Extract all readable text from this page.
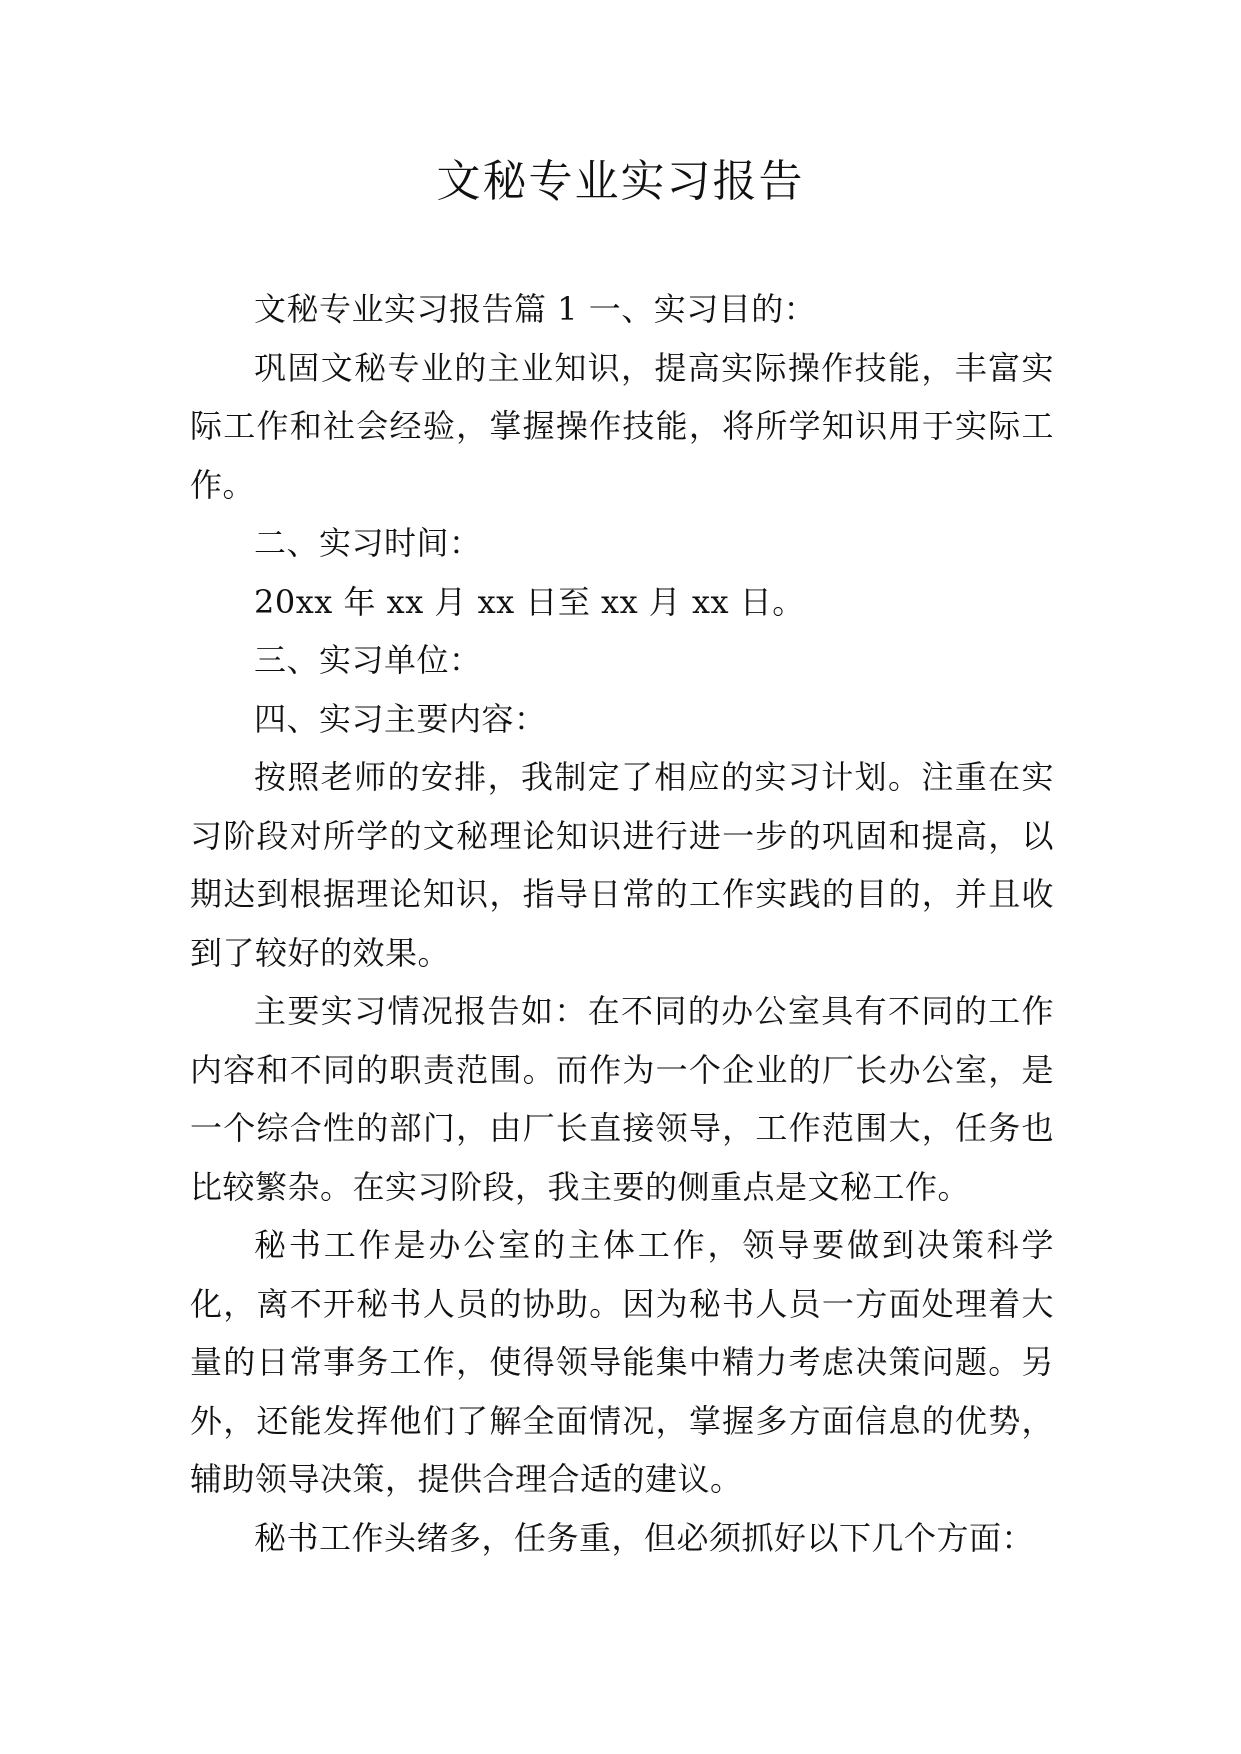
文秘专业实习报告

文秘专业实习报告篇 1 一、实习目的：

巩固文秘专业的主业知识，提高实际操作技能，丰富实际工作和社会经验，掌握操作技能，将所学知识用于实际工作。

二、实习时间：

20xx 年 xx 月 xx 日至 xx 月 xx 日。

三、实习单位：

四、实习主要内容：

按照老师的安排，我制定了相应的实习计划。注重在实习阶段对所学的文秘理论知识进行进一步的巩固和提高，以期达到根据理论知识，指导日常的工作实践的目的，并且收到了较好的效果。

主要实习情况报告如：在不同的办公室具有不同的工作内容和不同的职责范围。而作为一个企业的厂长办公室，是一个综合性的部门，由厂长直接领导，工作范围大，任务也比较繁杂。在实习阶段，我主要的侧重点是文秘工作。

秘书工作是办公室的主体工作，领导要做到决策科学化，离不开秘书人员的协助。因为秘书人员一方面处理着大量的日常事务工作，使得领导能集中精力考虑决策问题。另外，还能发挥他们了解全面情况，掌握多方面信息的优势，辅助领导决策，提供合理合适的建议。

秘书工作头绪多，任务重，但必须抓好以下几个方面：
